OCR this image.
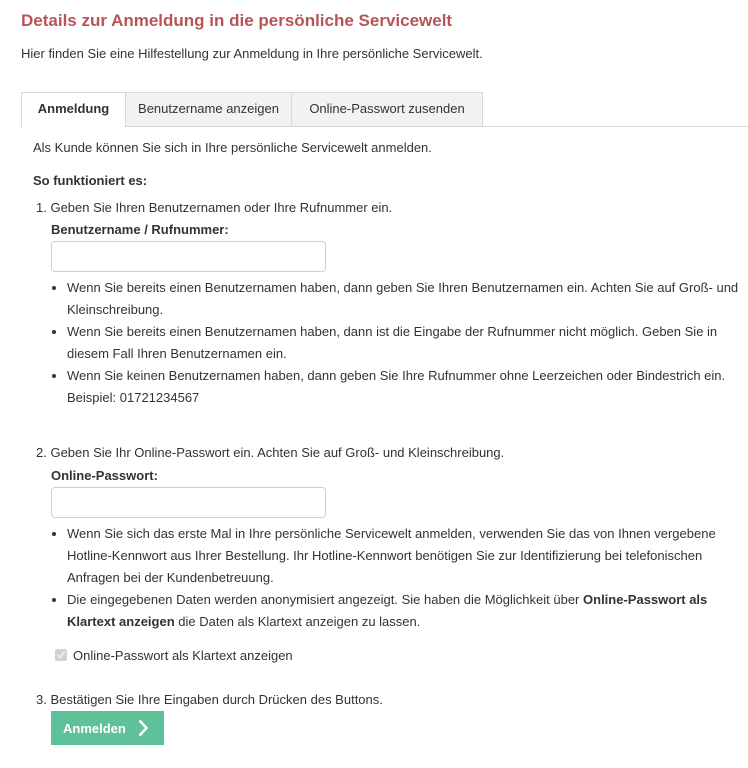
Details zur Anmeldung in die persönliche Servicewelt

Hier finden Sie eine Hilfestellung zur Anmeldung in Ihre persönliche Servicewelt.

Anmeldung	Benutzername anzeigen	Online-Passwort zusenden

Als Kunde können Sie sich in Ihre persönliche Servicewelt anmelden.

So funktioniert es:

1. Geben Sie Ihren Benutzernamen oder Ihre Rufnummer ein.

Benutzername / Rufnummer:
• Wenn Sie bereits einen Benutzernamen haben, dann geben Sie Ihren Benutzernamen ein. Achten Sie auf Groß- und Kleinschreibung.
• Wenn Sie bereits einen Benutzernamen haben, dann ist die Eingabe der Rufnummer nicht möglich. Geben Sie in diesem Fall Ihren Benutzernamen ein.
• Wenn Sie keinen Benutzernamen haben, dann geben Sie Ihre Rufnummer ohne Leerzeichen oder Bindestrich ein. Beispiel: 01721234567

2. Geben Sie Ihr Online-Passwort ein. Achten Sie auf Groß- und Kleinschreibung.

Online-Passwort:
• Wenn Sie sich das erste Mal in Ihre persönliche Servicewelt anmelden, verwenden Sie das von Ihnen vergebene Hotline-Kennwort aus Ihrer Bestellung. Ihr Hotline-Kennwort benötigen Sie zur Identifizierung bei telefonischen Anfragen bei der Kundenbetreuung.
• Die eingegebenen Daten werden anonymisiert angezeigt. Sie haben die Möglichkeit über Online-Passwort als Klartext anzeigen die Daten als Klartext anzeigen zu lassen.
Online-Passwort als Klartext anzeigen

3. Bestätigen Sie Ihre Eingaben durch Drücken des Buttons.

Anmelden
